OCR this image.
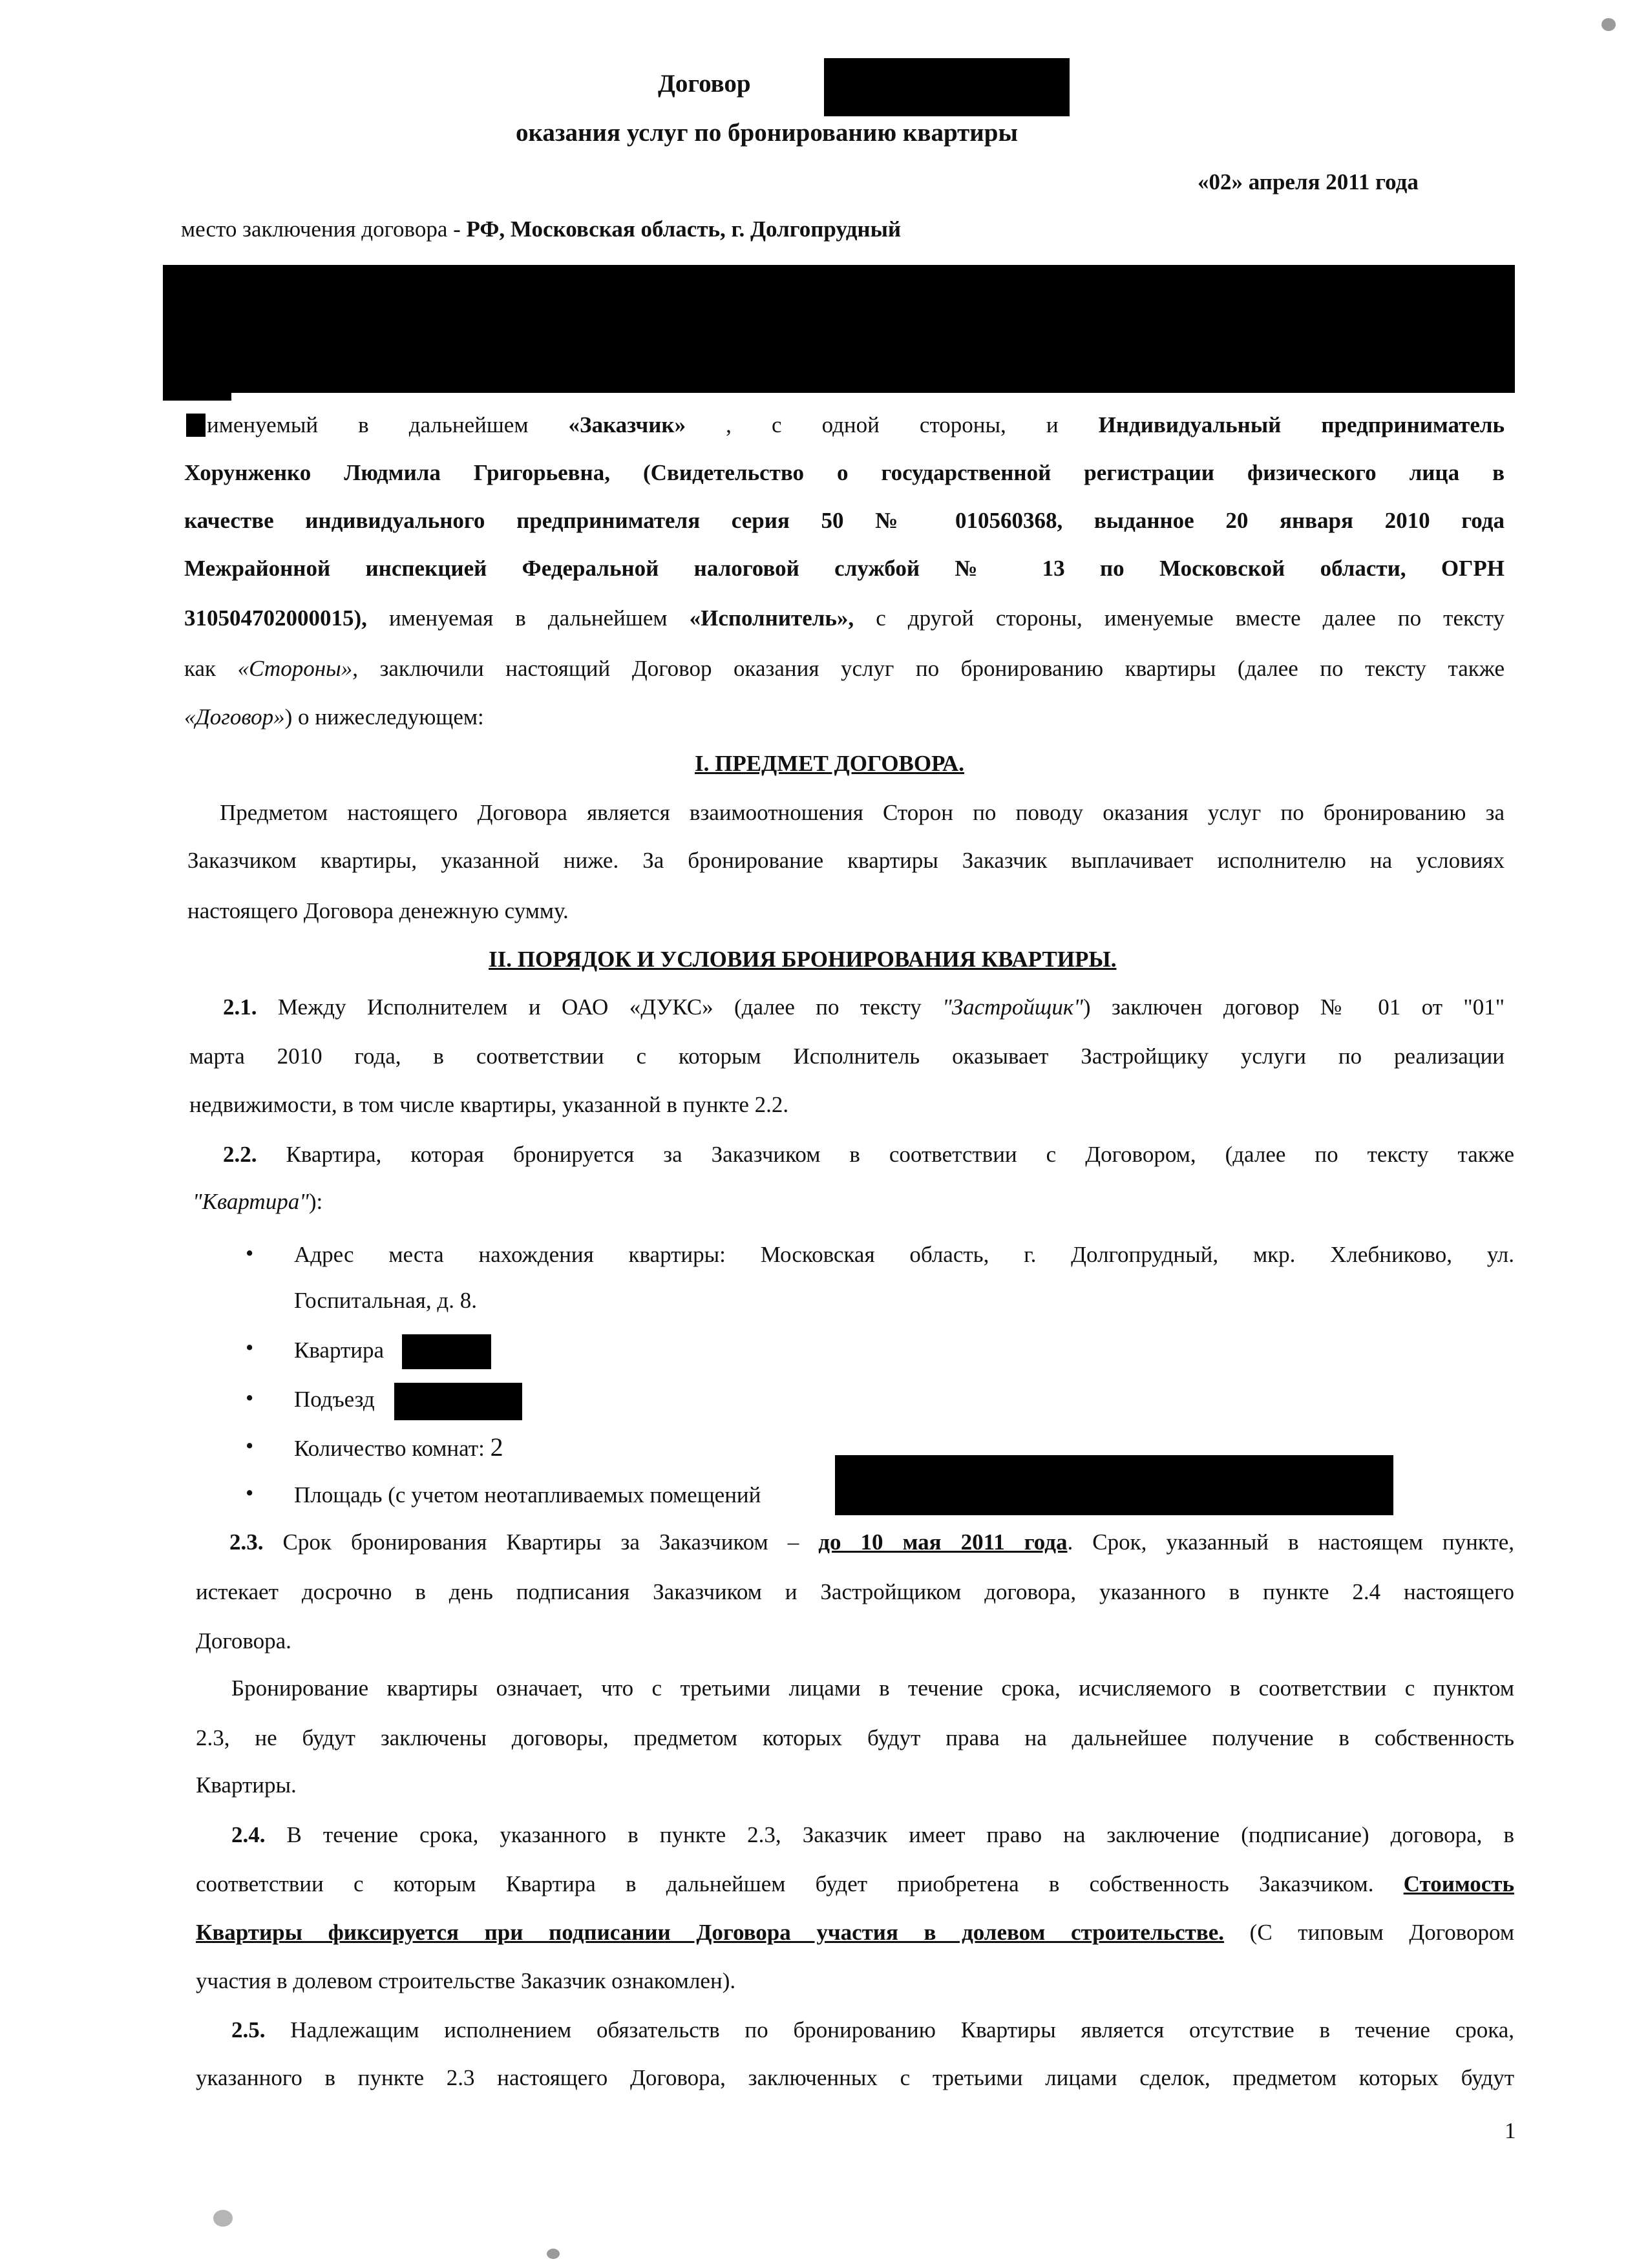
Договор
оказания услуг по бронированию квартиры
«02» апреля 2011 года
место заключения договора - РФ, Московская область, г. Долгопрудный
именуемый в дальнейшем «Заказчик» , с одной стороны, и Индивидуальный предприниматель
Хорунженко Людмила Григорьевна, (Свидетельство о государственной регистрации физического лица в
качестве индивидуального предпринимателя серия 50 № 010560368, выданное 20 января 2010 года
Межрайонной инспекцией Федеральной налоговой службой № 13 по Московской области, ОГРН
310504702000015), именуемая в дальнейшем «Исполнитель», с другой стороны, именуемые вместе далее по тексту
как «Стороны», заключили настоящий Договор оказания услуг по бронированию квартиры (далее по тексту также
«Договор») о нижеследующем:
I. ПРЕДМЕТ ДОГОВОРА.
Предметом настоящего Договора является взаимоотношения Сторон по поводу оказания услуг по бронированию за
Заказчиком квартиры, указанной ниже. За бронирование квартиры Заказчик выплачивает исполнителю на условиях
настоящего Договора денежную сумму.
II. ПОРЯДОК И УСЛОВИЯ БРОНИРОВАНИЯ КВАРТИРЫ.
2.1. Между Исполнителем и ОАО «ДУКС» (далее по тексту "Застройщик") заключен договор № 01 от "01"
марта 2010 года, в соответствии с которым Исполнитель оказывает Застройщику услуги по реализации
недвижимости, в том числе квартиры, указанной в пункте 2.2.
2.2. Квартира, которая бронируется за Заказчиком в соответствии с Договором, (далее по тексту также
"Квартира"):
• Адрес места нахождения квартиры: Московская область, г. Долгопрудный, мкр. Хлебниково, ул.
Госпитальная, д. 8.
• Квартира
• Подъезд
• Количество комнат: 2
• Площадь (с учетом неотапливаемых помещений
2.3. Срок бронирования Квартиры за Заказчиком – до 10 мая 2011 года. Срок, указанный в настоящем пункте,
истекает досрочно в день подписания Заказчиком и Застройщиком договора, указанного в пункте 2.4 настоящего
Договора.
Бронирование квартиры означает, что с третьими лицами в течение срока, исчисляемого в соответствии с пунктом
2.3, не будут заключены договоры, предметом которых будут права на дальнейшее получение в собственность
Квартиры.
2.4. В течение срока, указанного в пункте 2.3, Заказчик имеет право на заключение (подписание) договора, в
соответствии с которым Квартира в дальнейшем будет приобретена в собственность Заказчиком. Стоимость
Квартиры фиксируется при подписании Договора участия в долевом строительстве. (С типовым Договором
участия в долевом строительстве Заказчик ознакомлен).
2.5. Надлежащим исполнением обязательств по бронированию Квартиры является отсутствие в течение срока,
указанного в пункте 2.3 настоящего Договора, заключенных с третьими лицами сделок, предметом которых будут
1
